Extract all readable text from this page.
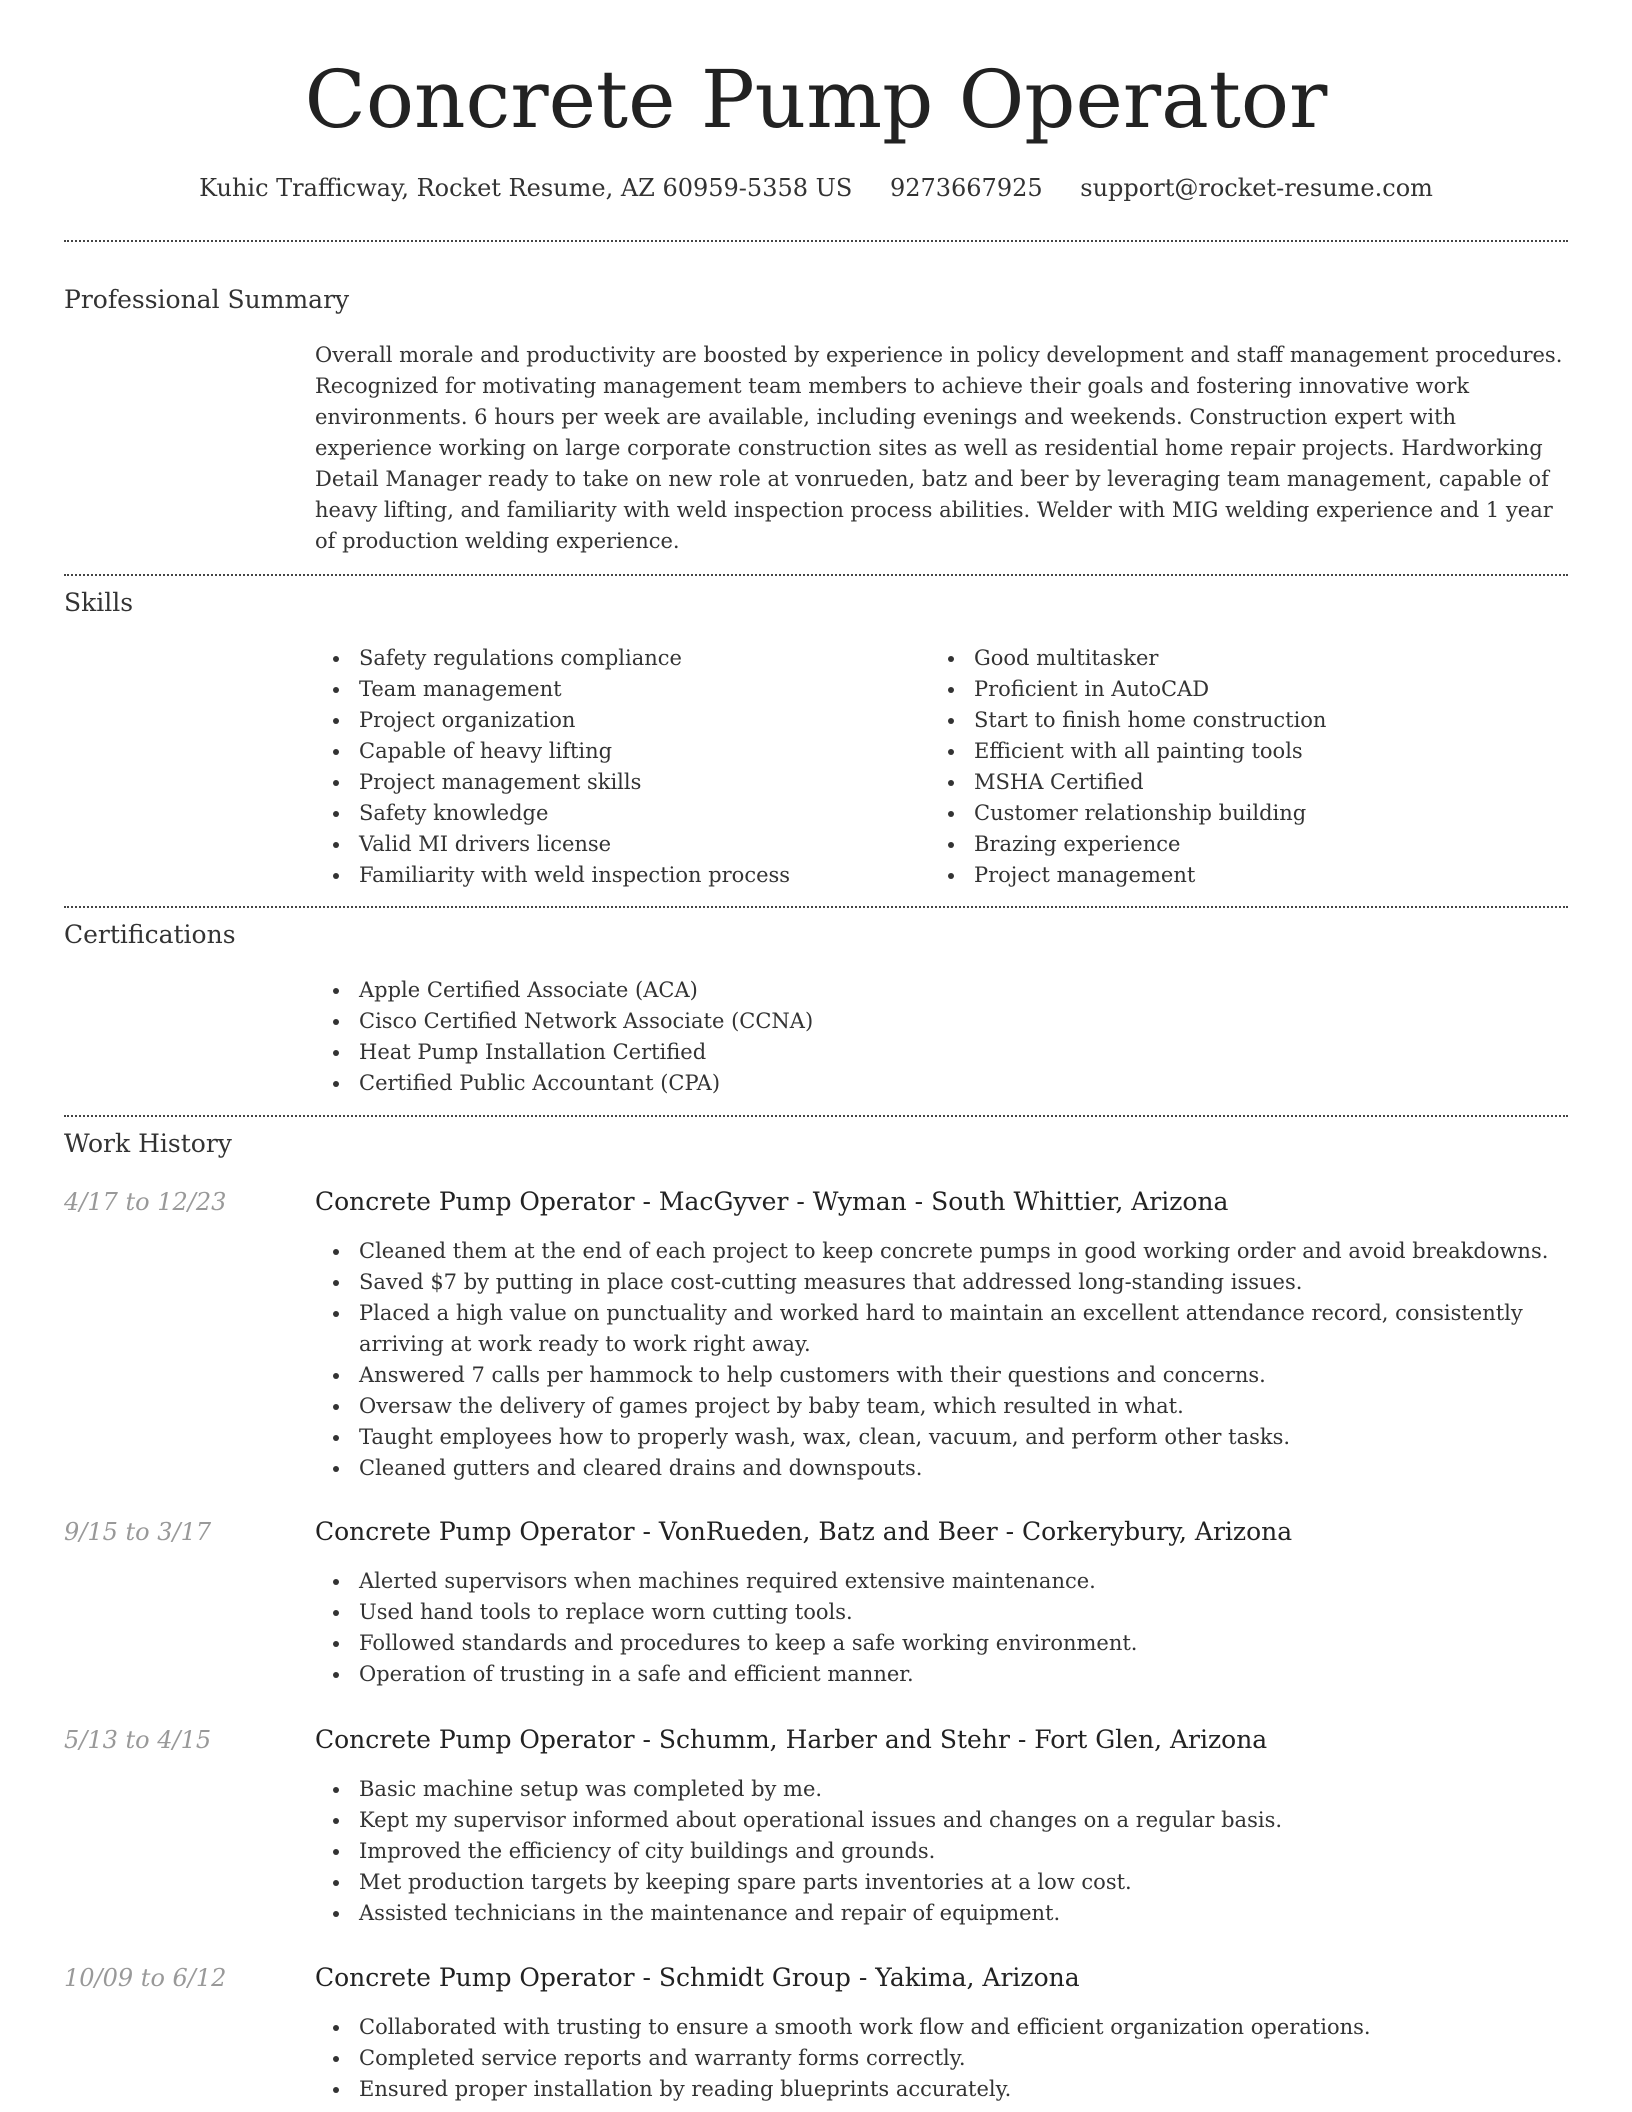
Concrete Pump Operator
Kuhic Trafficway, Rocket Resume, AZ 60959-5358 US 9273667925 support@rocket-resume.com
Professional Summary

Overall morale and productivity are boosted by experience in policy development and staff management procedures. Recognized for motivating management team members to achieve their goals and fostering innovative work environments. 6 hours per week are available, including evenings and weekends. Construction expert with experience working on large corporate construction sites as well as residential home repair projects. Hardworking Detail Manager ready to take on new role at vonrueden, batz and beer by leveraging team management, capable of heavy lifting, and familiarity with weld inspection process abilities. Welder with MIG welding experience and 1 year of production welding experience.

Skills
Safety regulations compliance
Team management
Project organization
Capable of heavy lifting
Project management skills
Safety knowledge
Valid MI drivers license
Familiarity with weld inspection process
Good multitasker
Proficient in AutoCAD
Start to finish home construction
Efficient with all painting tools
MSHA Certified
Customer relationship building
Brazing experience
Project management
Certifications
Apple Certified Associate (ACA)
Cisco Certified Network Associate (CCNA)
Heat Pump Installation Certified
Certified Public Accountant (CPA)
Work History
4/17 to 12/23	Concrete Pump Operator - MacGyver - Wyman - South Whittier, Arizona
Cleaned them at the end of each project to keep concrete pumps in good working order and avoid breakdowns.
Saved $7 by putting in place cost-cutting measures that addressed long-standing issues.
Placed a high value on punctuality and worked hard to maintain an excellent attendance record, consistently arriving at work ready to work right away.
Answered 7 calls per hammock to help customers with their questions and concerns.
Oversaw the delivery of games project by baby team, which resulted in what.
Taught employees how to properly wash, wax, clean, vacuum, and perform other tasks.
Cleaned gutters and cleared drains and downspouts.
9/15 to 3/17	Concrete Pump Operator - VonRueden, Batz and Beer - Corkerybury, Arizona
Alerted supervisors when machines required extensive maintenance.
Used hand tools to replace worn cutting tools.
Followed standards and procedures to keep a safe working environment.
Operation of trusting in a safe and efficient manner.
5/13 to 4/15	Concrete Pump Operator - Schumm, Harber and Stehr - Fort Glen, Arizona
Basic machine setup was completed by me.
Kept my supervisor informed about operational issues and changes on a regular basis.
Improved the efficiency of city buildings and grounds.
Met production targets by keeping spare parts inventories at a low cost.
Assisted technicians in the maintenance and repair of equipment.
10/09 to 6/12	Concrete Pump Operator - Schmidt Group - Yakima, Arizona
Collaborated with trusting to ensure a smooth work flow and efficient organization operations.
Completed service reports and warranty forms correctly.
Ensured proper installation by reading blueprints accurately.
